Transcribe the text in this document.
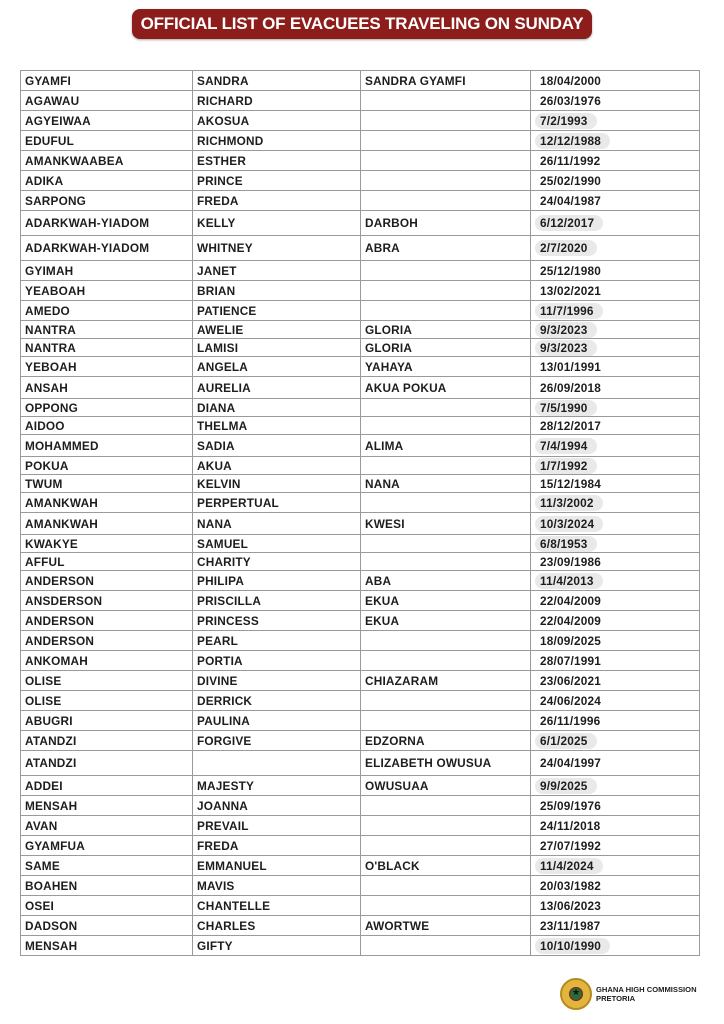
OFFICIAL LIST OF EVACUEES TRAVELING ON SUNDAY
GYAMFI	SANDRA	SANDRA GYAMFI	18/04/2000
AGAWAU	RICHARD		26/03/1976
AGYEIWAA	AKOSUA		7/2/1993
EDUFUL	RICHMOND		12/12/1988
AMANKWAABEA	ESTHER		26/11/1992
ADIKA	PRINCE		25/02/1990
SARPONG	FREDA		24/04/1987
ADARKWAH-YIADOM	KELLY	DARBOH	6/12/2017
ADARKWAH-YIADOM	WHITNEY	ABRA	2/7/2020
GYIMAH	JANET		25/12/1980
YEABOAH	BRIAN		13/02/2021
AMEDO	PATIENCE		11/7/1996
NANTRA	AWELIE	GLORIA	9/3/2023
NANTRA	LAMISI	GLORIA	9/3/2023
YEBOAH	ANGELA	YAHAYA	13/01/1991
ANSAH	AURELIA	AKUA POKUA	26/09/2018
OPPONG	DIANA		7/5/1990
AIDOO	THELMA		28/12/2017
MOHAMMED	SADIA	ALIMA	7/4/1994
POKUA	AKUA		1/7/1992
TWUM	KELVIN	NANA	15/12/1984
AMANKWAH	PERPERTUAL		11/3/2002
AMANKWAH	NANA	KWESI	10/3/2024
KWAKYE	SAMUEL		6/8/1953
AFFUL	CHARITY		23/09/1986
ANDERSON	PHILIPA	ABA	11/4/2013
ANSDERSON	PRISCILLA	EKUA	22/04/2009
ANDERSON	PRINCESS	EKUA	22/04/2009
ANDERSON	PEARL		18/09/2025
ANKOMAH	PORTIA		28/07/1991
OLISE	DIVINE	CHIAZARAM	23/06/2021
OLISE	DERRICK		24/06/2024
ABUGRI	PAULINA		26/11/1996
ATANDZI	FORGIVE	EDZORNA	6/1/2025
ATANDZI		ELIZABETH OWUSUA	24/04/1997
ADDEI	MAJESTY	OWUSUAA	9/9/2025
MENSAH	JOANNA		25/09/1976
AVAN	PREVAIL		24/11/2018
GYAMFUA	FREDA		27/07/1992
SAME	EMMANUEL	O'BLACK	11/4/2024
BOAHEN	MAVIS		20/03/1982
OSEI	CHANTELLE		13/06/2023
DADSON	CHARLES	AWORTWE	23/11/1987
MENSAH	GIFTY		10/10/1990
★ GHANA HIGH COMMISSION
PRETORIA
